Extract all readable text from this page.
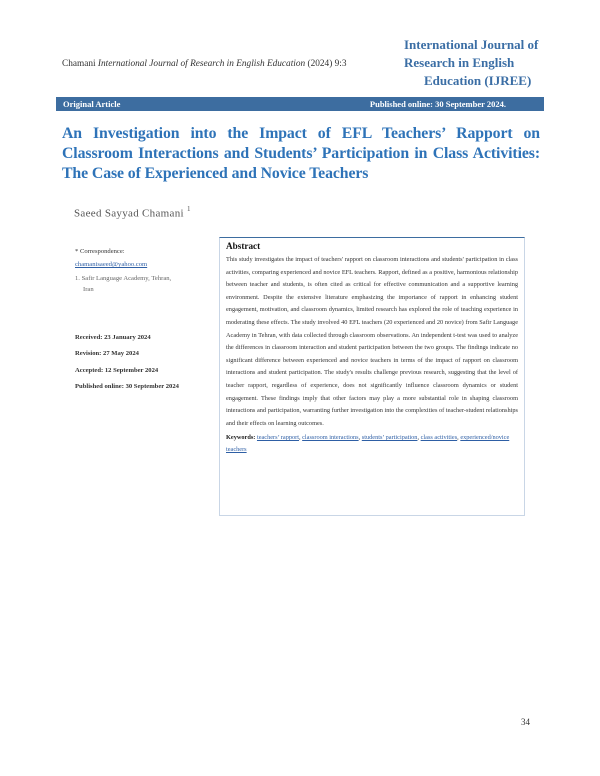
Chamani International Journal of Research in English Education (2024) 9:3
International Journal of
Research in English
Education (IJREE)
Original Article	Published online: 30 September 2024.
An Investigation into the Impact of EFL Teachers’ Rapport on Classroom Interactions and Students’ Participation in Class Activities: The Case of Experienced and Novice Teachers
Saeed Sayyad Chamani $^1$
* Correspondence:
chamanisaeed@yahoo.com
1. Safir Language Academy, Tehran,
Iran
Received: 23 January 2024
Revision: 27 May 2024
Accepted: 12 September 2024
Published online: 30 September 2024
Abstract
This study investigates the impact of teachers' rapport on classroom interactions and students' participation in class activities, comparing experienced and novice EFL teachers. Rapport, defined as a positive, harmonious relationship between teacher and students, is often cited as critical for effective communication and a supportive learning environment. Despite the extensive literature emphasizing the importance of rapport in enhancing student engagement, motivation, and classroom dynamics, limited research has explored the role of teaching experience in moderating these effects. The study involved 40 EFL teachers (20 experienced and 20 novice) from Safir Language Academy in Tehran, with data collected through classroom observations. An independent t-test was used to analyze the differences in classroom interaction and student participation between the two groups. The findings indicate no significant difference between experienced and novice teachers in terms of the impact of rapport on classroom interactions and student participation. The study's results challenge previous research, suggesting that the level of teacher rapport, regardless of experience, does not significantly influence classroom dynamics or student engagement. These findings imply that other factors may play a more substantial role in shaping classroom interactions and participation, warranting further investigation into the complexities of teacher-student relationships and their effects on learning outcomes.
Keywords: teachers’ rapport, classroom interactions, students’ participation, class activities, experienced/novice teachers
34
